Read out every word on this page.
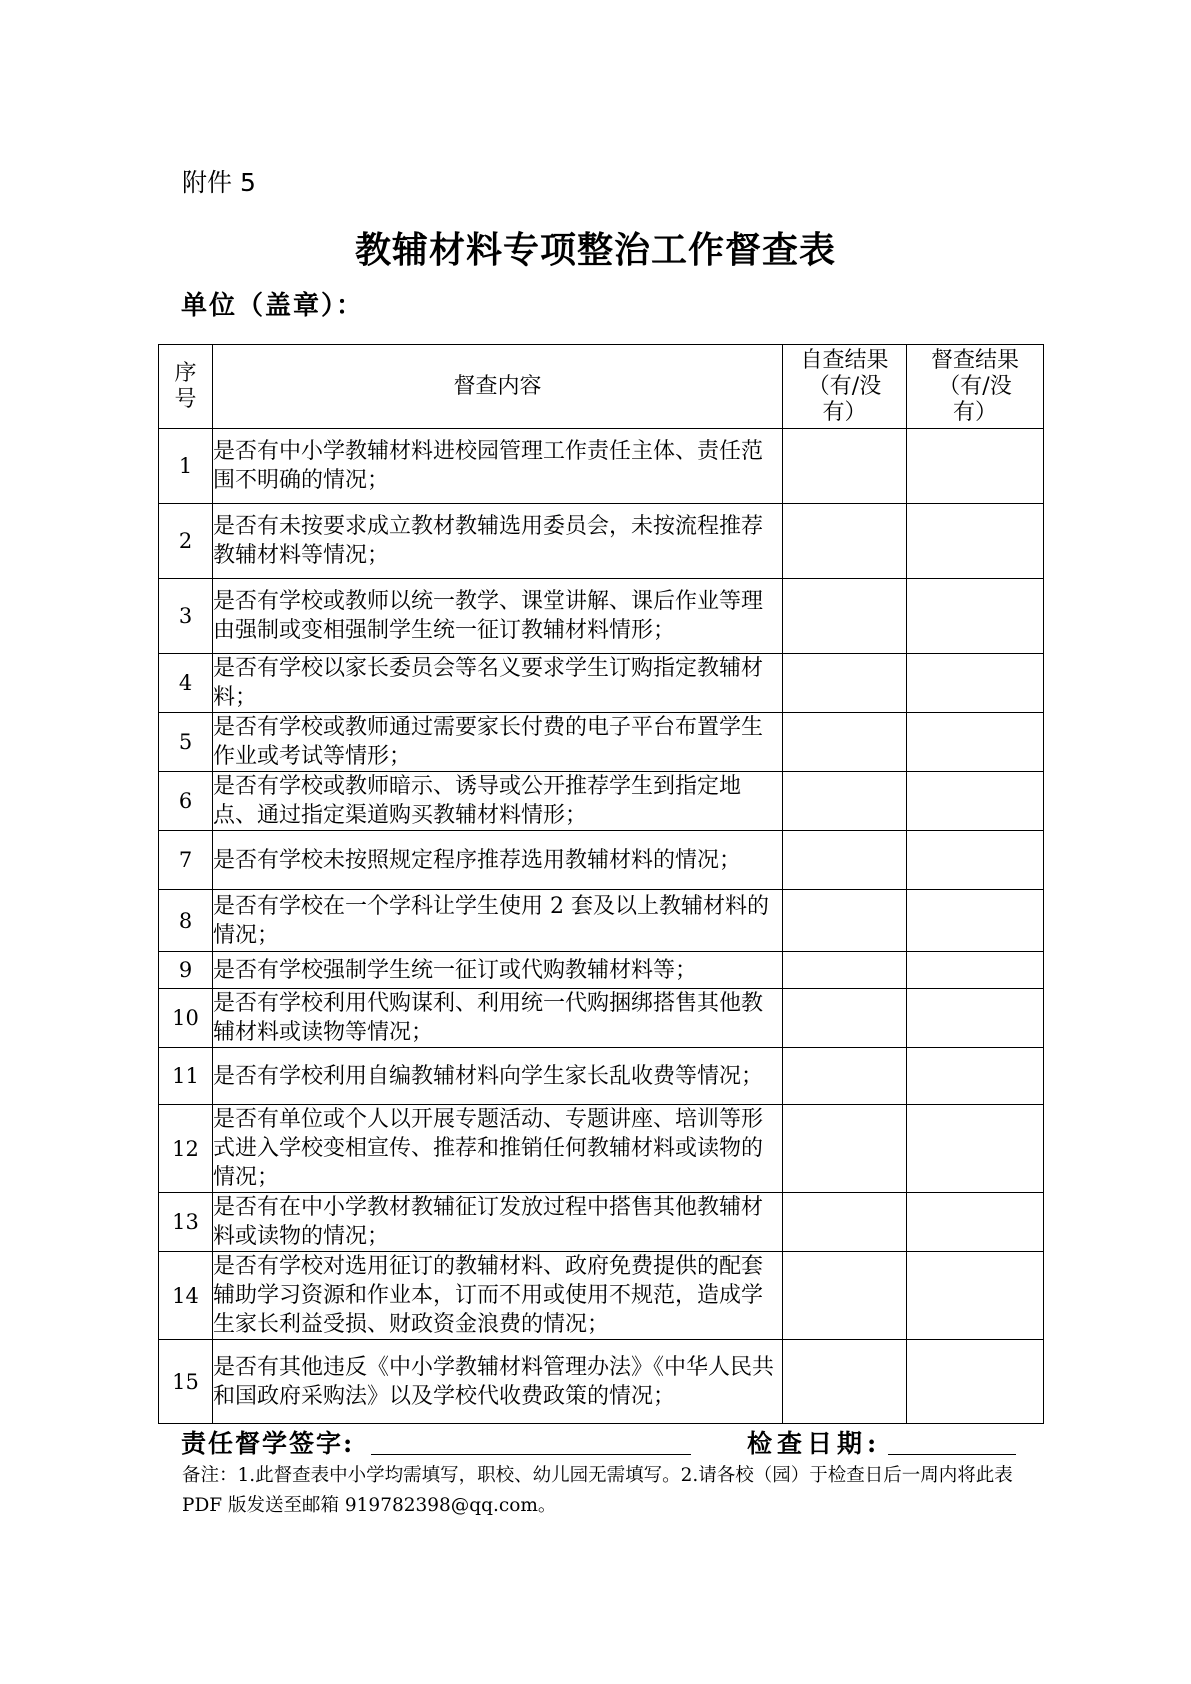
附件 5
教辅材料专项整治工作督查表
单位（盖章）：
序号	督查内容	自查结果（有/没有）	督查结果（有/没有）

1	是否有中小学教辅材料进校园管理工作责任主体、责任范围不明确的情况；		
2	是否有未按要求成立教材教辅选用委员会，未按流程推荐教辅材料等情况；		
3	是否有学校或教师以统一教学、课堂讲解、课后作业等理由强制或变相强制学生统一征订教辅材料情形；		
4	是否有学校以家长委员会等名义要求学生订购指定教辅材料；		
5	是否有学校或教师通过需要家长付费的电子平台布置学生作业或考试等情形；		
6	是否有学校或教师暗示、诱导或公开推荐学生到指定地点、通过指定渠道购买教辅材料情形；		
7	是否有学校未按照规定程序推荐选用教辅材料的情况；		
8	是否有学校在一个学科让学生使用 2 套及以上教辅材料的情况；		
9	是否有学校强制学生统一征订或代购教辅材料等；		
10	是否有学校利用代购谋利、利用统一代购捆绑搭售其他教辅材料或读物等情况；		
11	是否有学校利用自编教辅材料向学生家长乱收费等情况；		
12	是否有单位或个人以开展专题活动、专题讲座、培训等形式进入学校变相宣传、推荐和推销任何教辅材料或读物的情况；		
13	是否有在中小学教材教辅征订发放过程中搭售其他教辅材料或读物的情况；		
14	是否有学校对选用征订的教辅材料、政府免费提供的配套辅助学习资源和作业本，订而不用或使用不规范，造成学生家长利益受损、财政资金浪费的情况；		
15	是否有其他违反《中小学教辅材料管理办法》《中华人民共和国政府采购法》以及学校代收费政策的情况；		
责任督学签字:	检查日期:
备注：1.此督查表中小学均需填写，职校、幼儿园无需填写。2.请各校（园）于检查日后一周内将此表 PDF 版发送至邮箱 919782398@qq.com。
